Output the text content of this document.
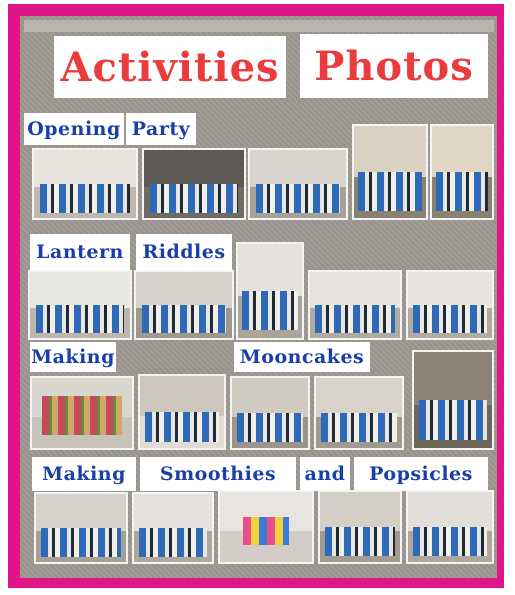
Activities Photos
Opening Party
Lantern Riddles
Making	Mooncakes
Making	Smoothies	and	Popsicles
